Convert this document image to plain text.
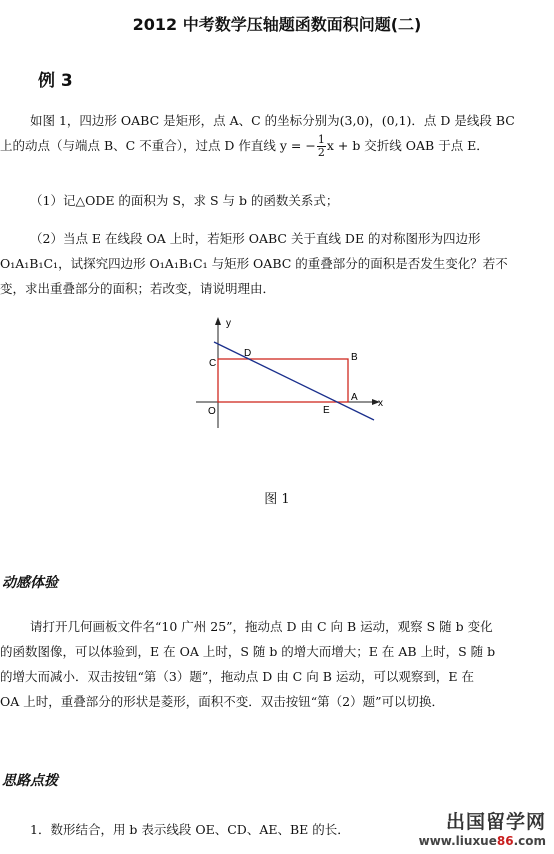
2012 中考数学压轴题函数面积问题(二)
例 3
如图 1，四边形 OABC 是矩形，点 A、C 的坐标分别为(3,0)，(0,1)．点 D 是线段 BC
上的动点（与端点 B、C 不重合），过点 D 作直线 y = − $\frac{1}{2}$ x + b 交折线 OAB 于点 E．
（1）记△ODE 的面积为 S，求 S 与 b 的函数关系式；
（2）当点 E 在线段 OA 上时，若矩形 OABC 关于直线 DE 的对称图形为四边形
O₁A₁B₁C₁，试探究四边形 O₁A₁B₁C₁ 与矩形 OABC 的重叠部分的面积是否发生变化？若不
变，求出重叠部分的面积；若改变，请说明理由．
y
x
O
C
D	B
A
E
图 1
动感体验
请打开几何画板文件名“10 广州 25”，拖动点 D 由 C 向 B 运动，观察 S 随 b 变化
的函数图像，可以体验到，E 在 OA 上时，S 随 b 的增大而增大；E 在 AB 上时，S 随 b
的增大而减小．双击按钮“第（3）题”，拖动点 D 由 C 向 B 运动，可以观察到，E 在
OA 上时，重叠部分的形状是菱形，面积不变．双击按钮“第（2）题”可以切换．
思路点拨
1．数形结合，用 b 表示线段 OE、CD、AE、BE 的长．	出国留学网
www.liuxue86.com
